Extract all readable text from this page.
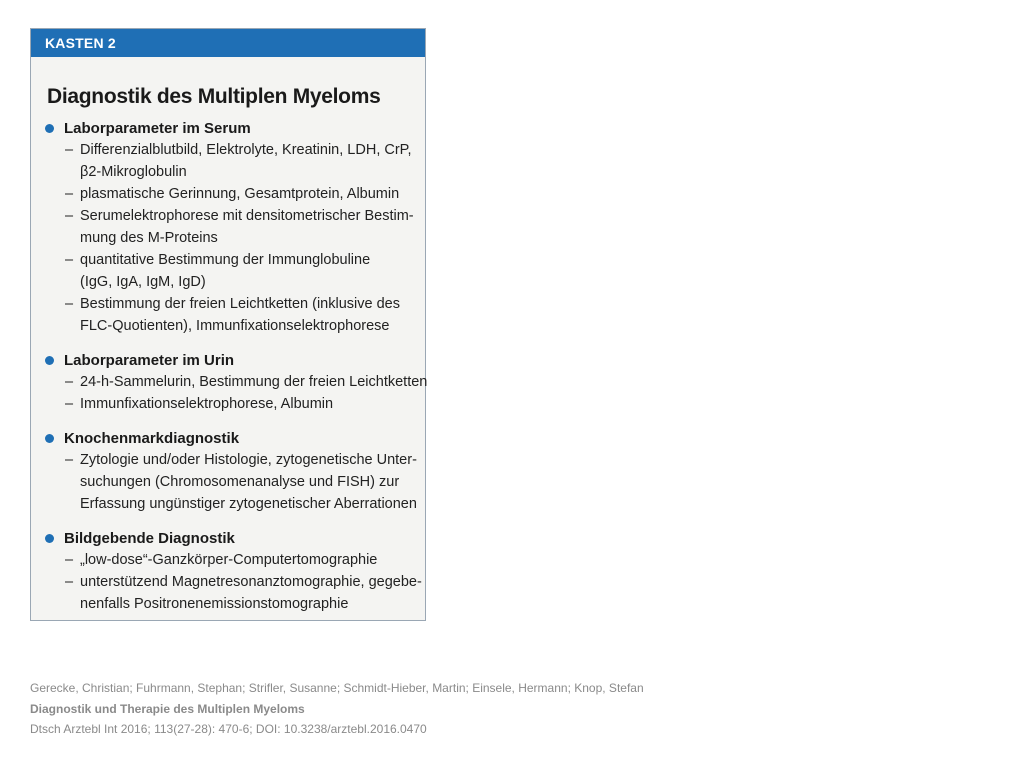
KASTEN 2
Diagnostik des Multiplen Myeloms
Laborparameter im Serum
– Differenzialblutbild, Elektrolyte, Kreatinin, LDH, CrP,
β2-Mikroglobulin
– plasmatische Gerinnung, Gesamtprotein, Albumin
– Serumelektrophorese mit densitometrischer Bestim-
mung des M-Proteins
– quantitative Bestimmung der Immunglobuline
(IgG, IgA, IgM, IgD)
– Bestimmung der freien Leichtketten (inklusive des
FLC-Quotienten), Immunfixationselektrophorese
Laborparameter im Urin
– 24-h-Sammelurin, Bestimmung der freien Leichtketten
– Immunfixationselektrophorese, Albumin
Knochenmarkdiagnostik
– Zytologie und/oder Histologie, zytogenetische Unter-
suchungen (Chromosomenanalyse und FISH) zur
Erfassung ungünstiger zytogenetischer Aberrationen
Bildgebende Diagnostik
– „low-dose“-Ganzkörper-Computertomographie
– unterstützend Magnetresonanztomographie, gegebe-
nenfalls Positronenemissionstomographie
Gerecke, Christian; Fuhrmann, Stephan; Strifler, Susanne; Schmidt-Hieber, Martin; Einsele, Hermann; Knop, Stefan
Diagnostik und Therapie des Multiplen Myeloms
Dtsch Arztebl Int 2016; 113(27-28): 470-6; DOI: 10.3238/arztebl.2016.0470
